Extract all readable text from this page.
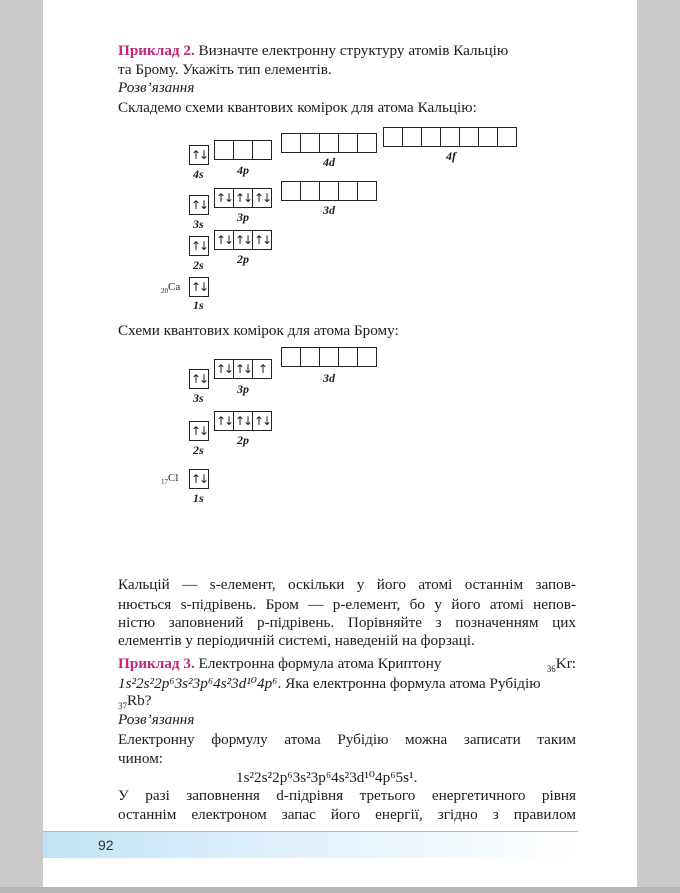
Приклад 2. Визначте електронну структуру атомів Кальцію
та Брому. Укажіть тип елементів.
Розв’язання
Складемо схеми квантових комірок для атома Кальцію:
↑↓
4s	4p
4d	4f
↑↓
3s
↑↓ ↑↓ ↑↓
3p	3d
↑↓
2s
↑↓ ↑↓ ↑↓
2p
$_{20}$Ca ↑↓
1s
Схеми квантових комірок для атома Брому:
↑↓
3s
↑↓ ↑↓ ↑
3p
3d
↑↓
2s
↑↓ ↑↓ ↑↓
2p
$_{17}$Cl ↑↓
1s
Кальцій — s-елемент, оскільки у його атомі останнім запов-
нюється s-підрівень. Бром — p-елемент, бо у його атомі непов-
ністю заповнений p-підрівень. Порівняйте з позначенням цих
елементів у періодичній системі, наведеній на форзаці.
Приклад 3. Електронна формула атома Криптону	$_{36}$Kr:
1s²2s²2p⁶3s²3p⁶4s²3d¹⁰4p⁶. Яка електронна формула атома Рубідію
$_{37}$Rb?
Розв’язання
Електронну формулу атома Рубідію можна записати таким
чином:
1s²2s²2p⁶3s²3p⁶4s²3d¹⁰4p⁶5s¹.
У разі заповнення d-підрівня третього енергетичного рівня
останнім електроном запас його енергії, згідно з правилом
92
